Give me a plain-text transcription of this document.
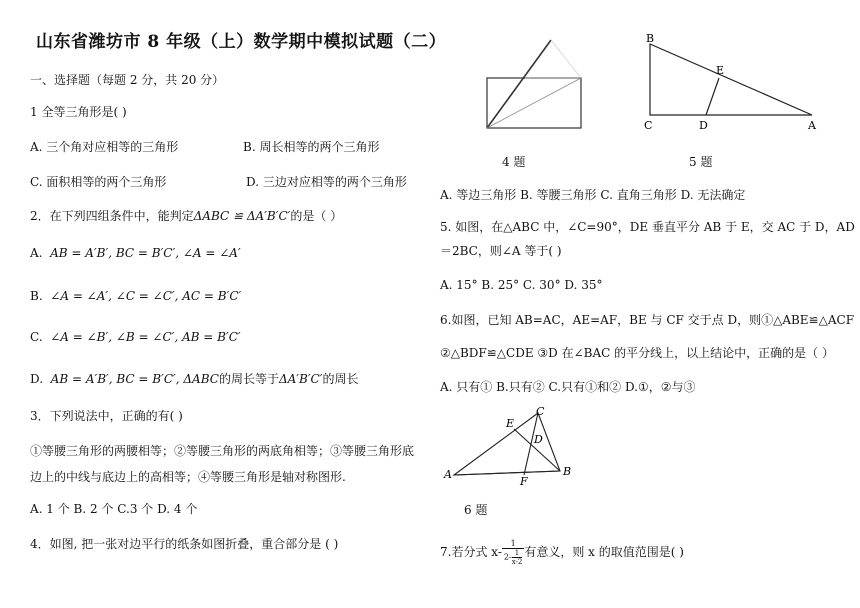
山东省潍坊市 8 年级（上）数学期中模拟试题（二）
一、选择题（每题 2 分，共 20 分）
1 全等三角形是( )
A. 三个角对应相等的三角形	B. 周长相等的两个三角形
C. 面积相等的两个三角形	D. 三边对应相等的两个三角形
2．在下列四组条件中，能判定ΔABC ≌ ΔA′B′C′的是（ ）
A. AB = A′B′, BC = B′C′, ∠A = ∠A′
B. ∠A = ∠A′, ∠C = ∠C′, AC = B′C′
C. ∠A = ∠B′, ∠B = ∠C′, AB = B′C′
D. AB = A′B′, BC = B′C′, ΔABC的周长等于ΔA′B′C′的周长
3．下列说法中，正确的有( )
①等腰三角形的两腰相等；②等腰三角形的两底角相等；③等腰三角形底
边上的中线与底边上的高相等；④等腰三角形是轴对称图形.
A. 1 个 B. 2 个 C.3 个 D. 4 个
4．如图, 把一张对边平行的纸条如图折叠，重合部分是 ( )
4 题
B
E
C	D	A
5 题
A. 等边三角形 B. 等腰三角形 C. 直角三角形 D. 无法确定
5. 如图，在△ABC 中，∠C=90°，DE 垂直平分 AB 于 E，交 AC 于 D，AD
＝2BC，则∠A 等于( )
A. 15° B. 25° C. 30° D. 35°
6.如图，已知 AB=AC，AE=AF，BE 与 CF 交于点 D，则①△ABE≌△ACF
②△BDF≌△CDE ③D 在∠BAC 的平分线上，以上结论中，正确的是（ ）
A. 只有① B.只有② C.只有①和② D.①，②与③
C
E
D
A
F
B
6 题
7.若分式 $x- \frac{1}{2- \frac{1}{x-2}}$ 有意义，则 x 的取值范围是( )
